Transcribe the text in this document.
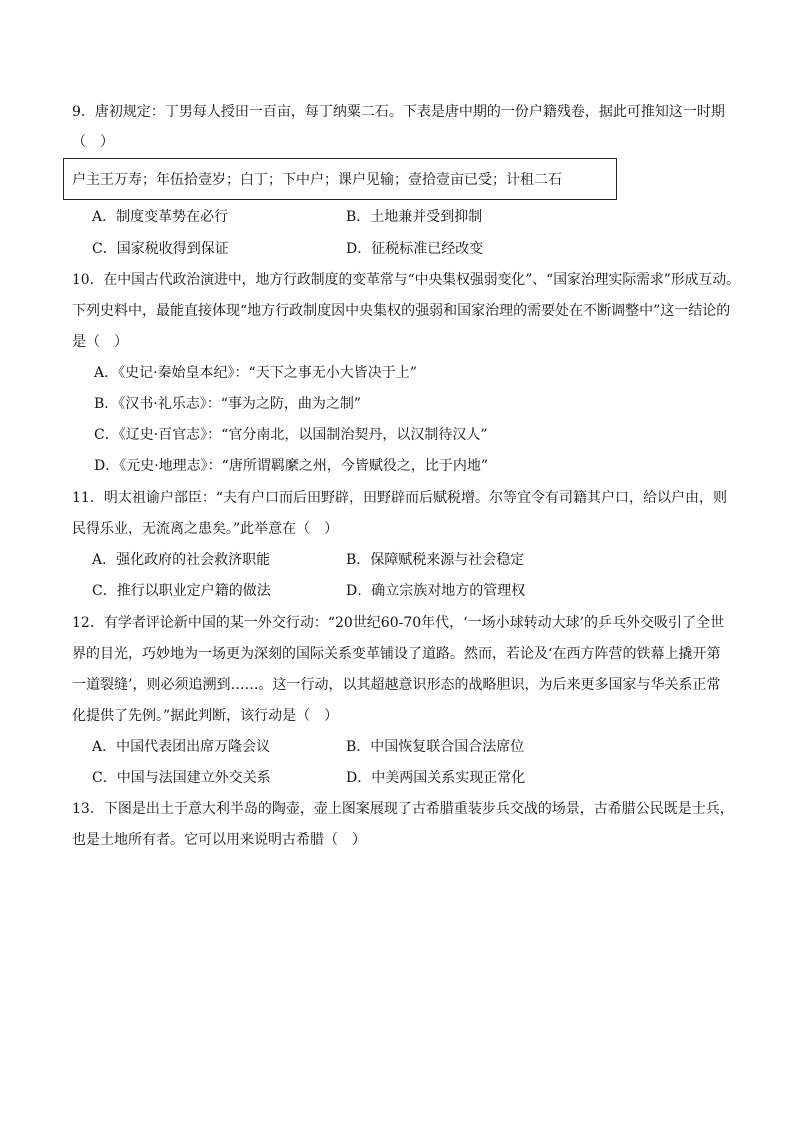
9．唐初规定：丁男每人授田一百亩，每丁纳粟二石。下表是唐中期的一份户籍残卷，据此可推知这一时期
（　）
户主王万寿；年伍拾壹岁；白丁；下中户；课户见输；壹拾壹亩已受；计租二石
A．制度变革势在必行	B．土地兼并受到抑制
C．国家税收得到保证	D．征税标准已经改变
10．在中国古代政治演进中，地方行政制度的变革常与“中央集权强弱变化”、“国家治理实际需求”形成互动。
下列史料中，最能直接体现“地方行政制度因中央集权的强弱和国家治理的需要处在不断调整中”这一结论的
是（　）
A．《史记·秦始皇本纪》：“天下之事无小大皆决于上”
B．《汉书·礼乐志》：“事为之防，曲为之制”
C．《辽史·百官志》：“官分南北，以国制治契丹，以汉制待汉人”
D．《元史·地理志》：“唐所谓羁縻之州，今皆赋役之，比于内地”
11．明太祖谕户部臣：“夫有户口而后田野辟，田野辟而后赋税增。尔等宜令有司籍其户口，给以户由，则
民得乐业，无流离之患矣。”此举意在（　）
A．强化政府的社会救济职能	B．保障赋税来源与社会稳定
C．推行以职业定户籍的做法	D．确立宗族对地方的管理权
12．有学者评论新中国的某一外交行动：“20世纪60-70年代，‘一场小球转动大球’的乒乓外交吸引了全世
界的目光，巧妙地为一场更为深刻的国际关系变革铺设了道路。然而，若论及‘在西方阵营的铁幕上撬开第
一道裂缝’，则必须追溯到……。这一行动，以其超越意识形态的战略胆识，为后来更多国家与华关系正常
化提供了先例。”据此判断，该行动是（　）
A．中国代表团出席万隆会议	B．中国恢复联合国合法席位
C．中国与法国建立外交关系	D．中美两国关系实现正常化
13．下图是出土于意大利半岛的陶壶，壶上图案展现了古希腊重装步兵交战的场景，古希腊公民既是士兵，
也是土地所有者。它可以用来说明古希腊（　）
